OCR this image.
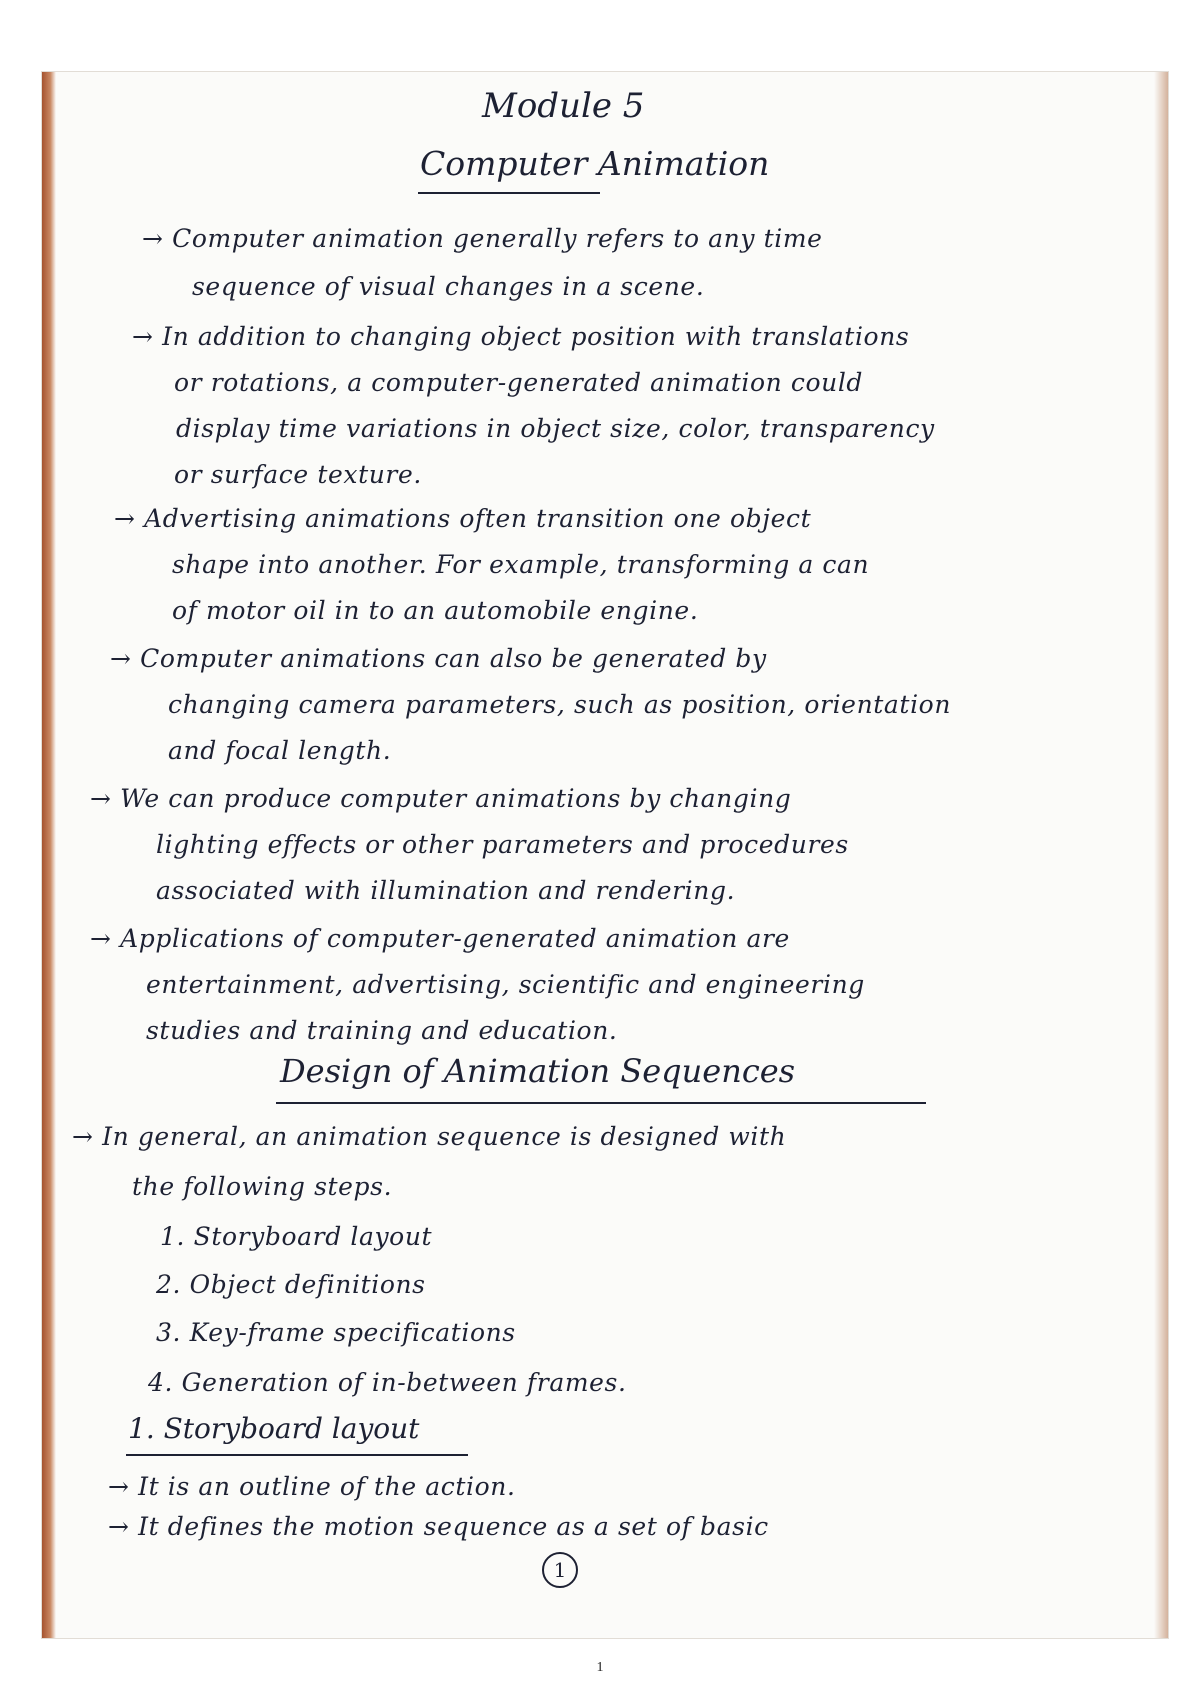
Module 5
Computer Animation
→ Computer animation generally refers to any time
sequence of visual changes in a scene.
→ In addition to changing object position with translations
or rotations, a computer-generated animation could
display time variations in object size, color, transparency
or surface texture.
→ Advertising animations often transition one object
shape into another. For example, transforming a can
of motor oil in to an automobile engine.
→ Computer animations can also be generated by
changing camera parameters, such as position, orientation
and focal length.
→ We can produce computer animations by changing
lighting effects or other parameters and procedures
associated with illumination and rendering.
→ Applications of computer-generated animation are
entertainment, advertising, scientific and engineering
studies and training and education.
Design of Animation Sequences
→ In general, an animation sequence is designed with
the following steps.
1. Storyboard layout
2. Object definitions
3. Key-frame specifications
4. Generation of in-between frames.
1. Storyboard layout
→ It is an outline of the action.
→ It defines the motion sequence as a set of basic
1
1
